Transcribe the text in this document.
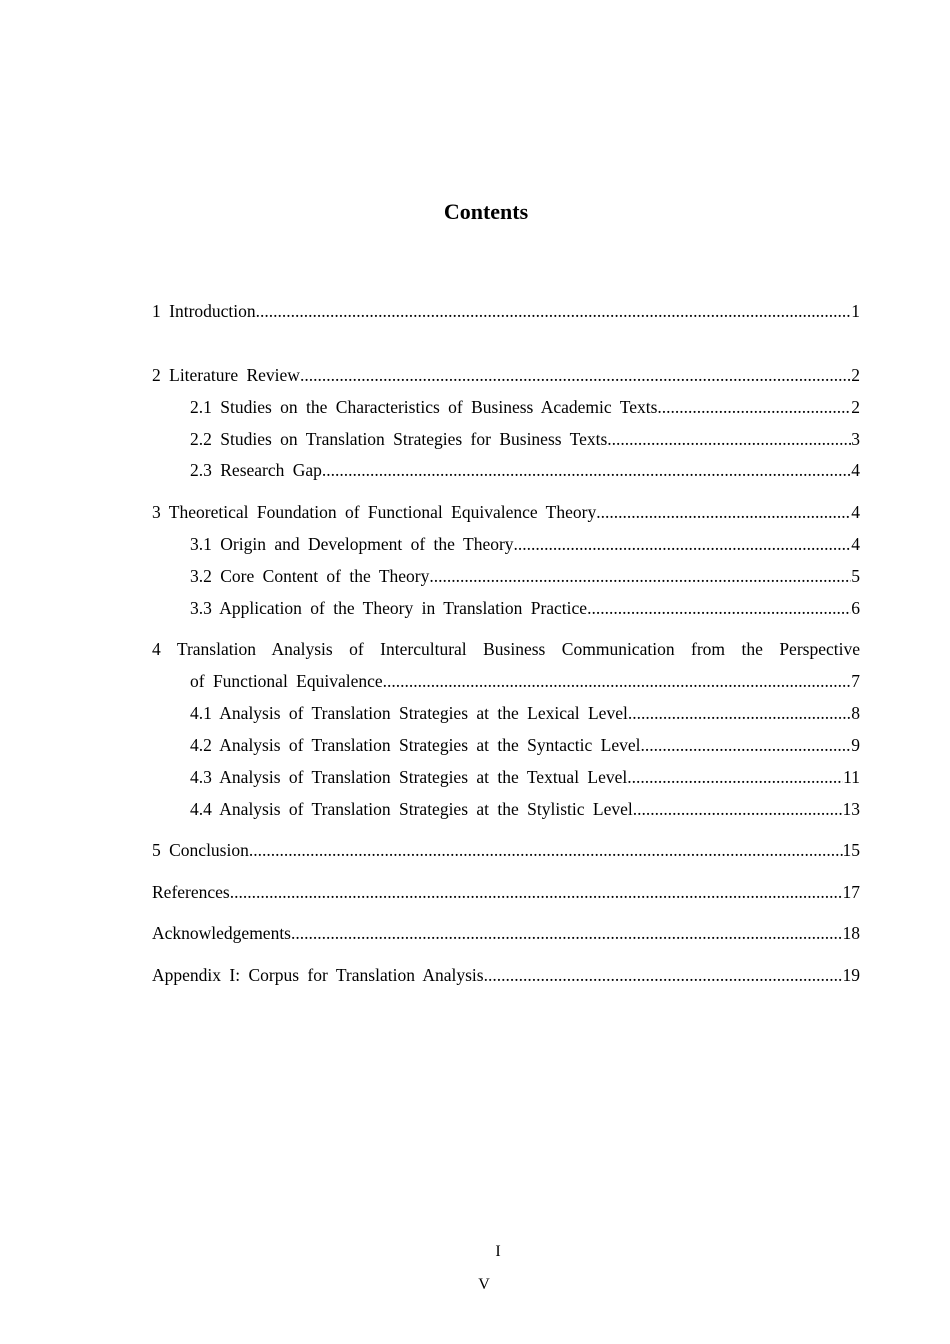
Contents
1 Introduction .....	1
2 Literature Review .....	2
2.1 Studies on the Characteristics of Business Academic Texts .....	2
2.2 Studies on Translation Strategies for Business Texts .....	3
2.3 Research Gap .....	4
3 Theoretical Foundation of Functional Equivalence Theory .....	4
3.1 Origin and Development of the Theory .....	4
3.2 Core Content of the Theory .....	5
3.3 Application of the Theory in Translation Practice .....	6
4 Translation Analysis of Intercultural Business Communication from the Perspective
of Functional Equivalence .....	7
4.1 Analysis of Translation Strategies at the Lexical Level .....	8
4.2 Analysis of Translation Strategies at the Syntactic Level .....	9
4.3 Analysis of Translation Strategies at the Textual Level .....	11
4.4 Analysis of Translation Strategies at the Stylistic Level .....	13
5 Conclusion .....	15
References .....	17
Acknowledgements .....	18
Appendix I: Corpus for Translation Analysis .....	19
I
V
